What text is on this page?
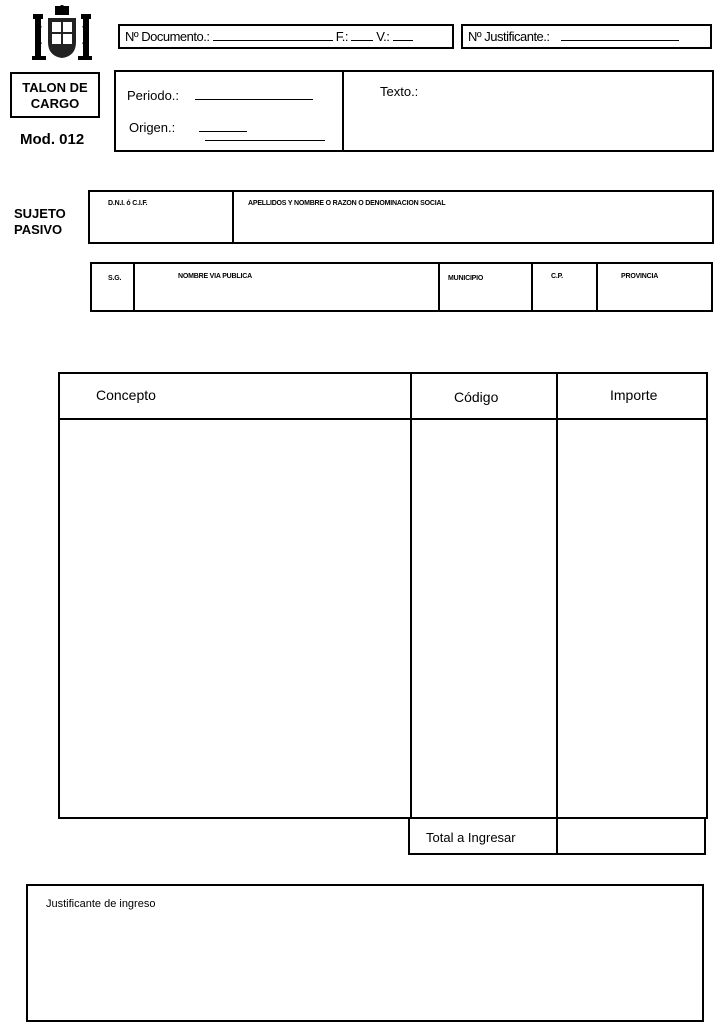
Nº Documento.:	F.: V.:	Nº Justificante.:
TALON DE
CARGO
Mod. 012
Periodo.:
Origen.:
Texto.:
SUJETO
PASIVO
D.N.I. ó C.I.F.	APELLIDOS Y NOMBRE O RAZON O DENOMINACION SOCIAL
S.G.	NOMBRE VIA PUBLICA	MUNICIPIO	C.P.	PROVINCIA
Concepto	Código	Importe
Total a Ingresar
Justificante de ingreso
